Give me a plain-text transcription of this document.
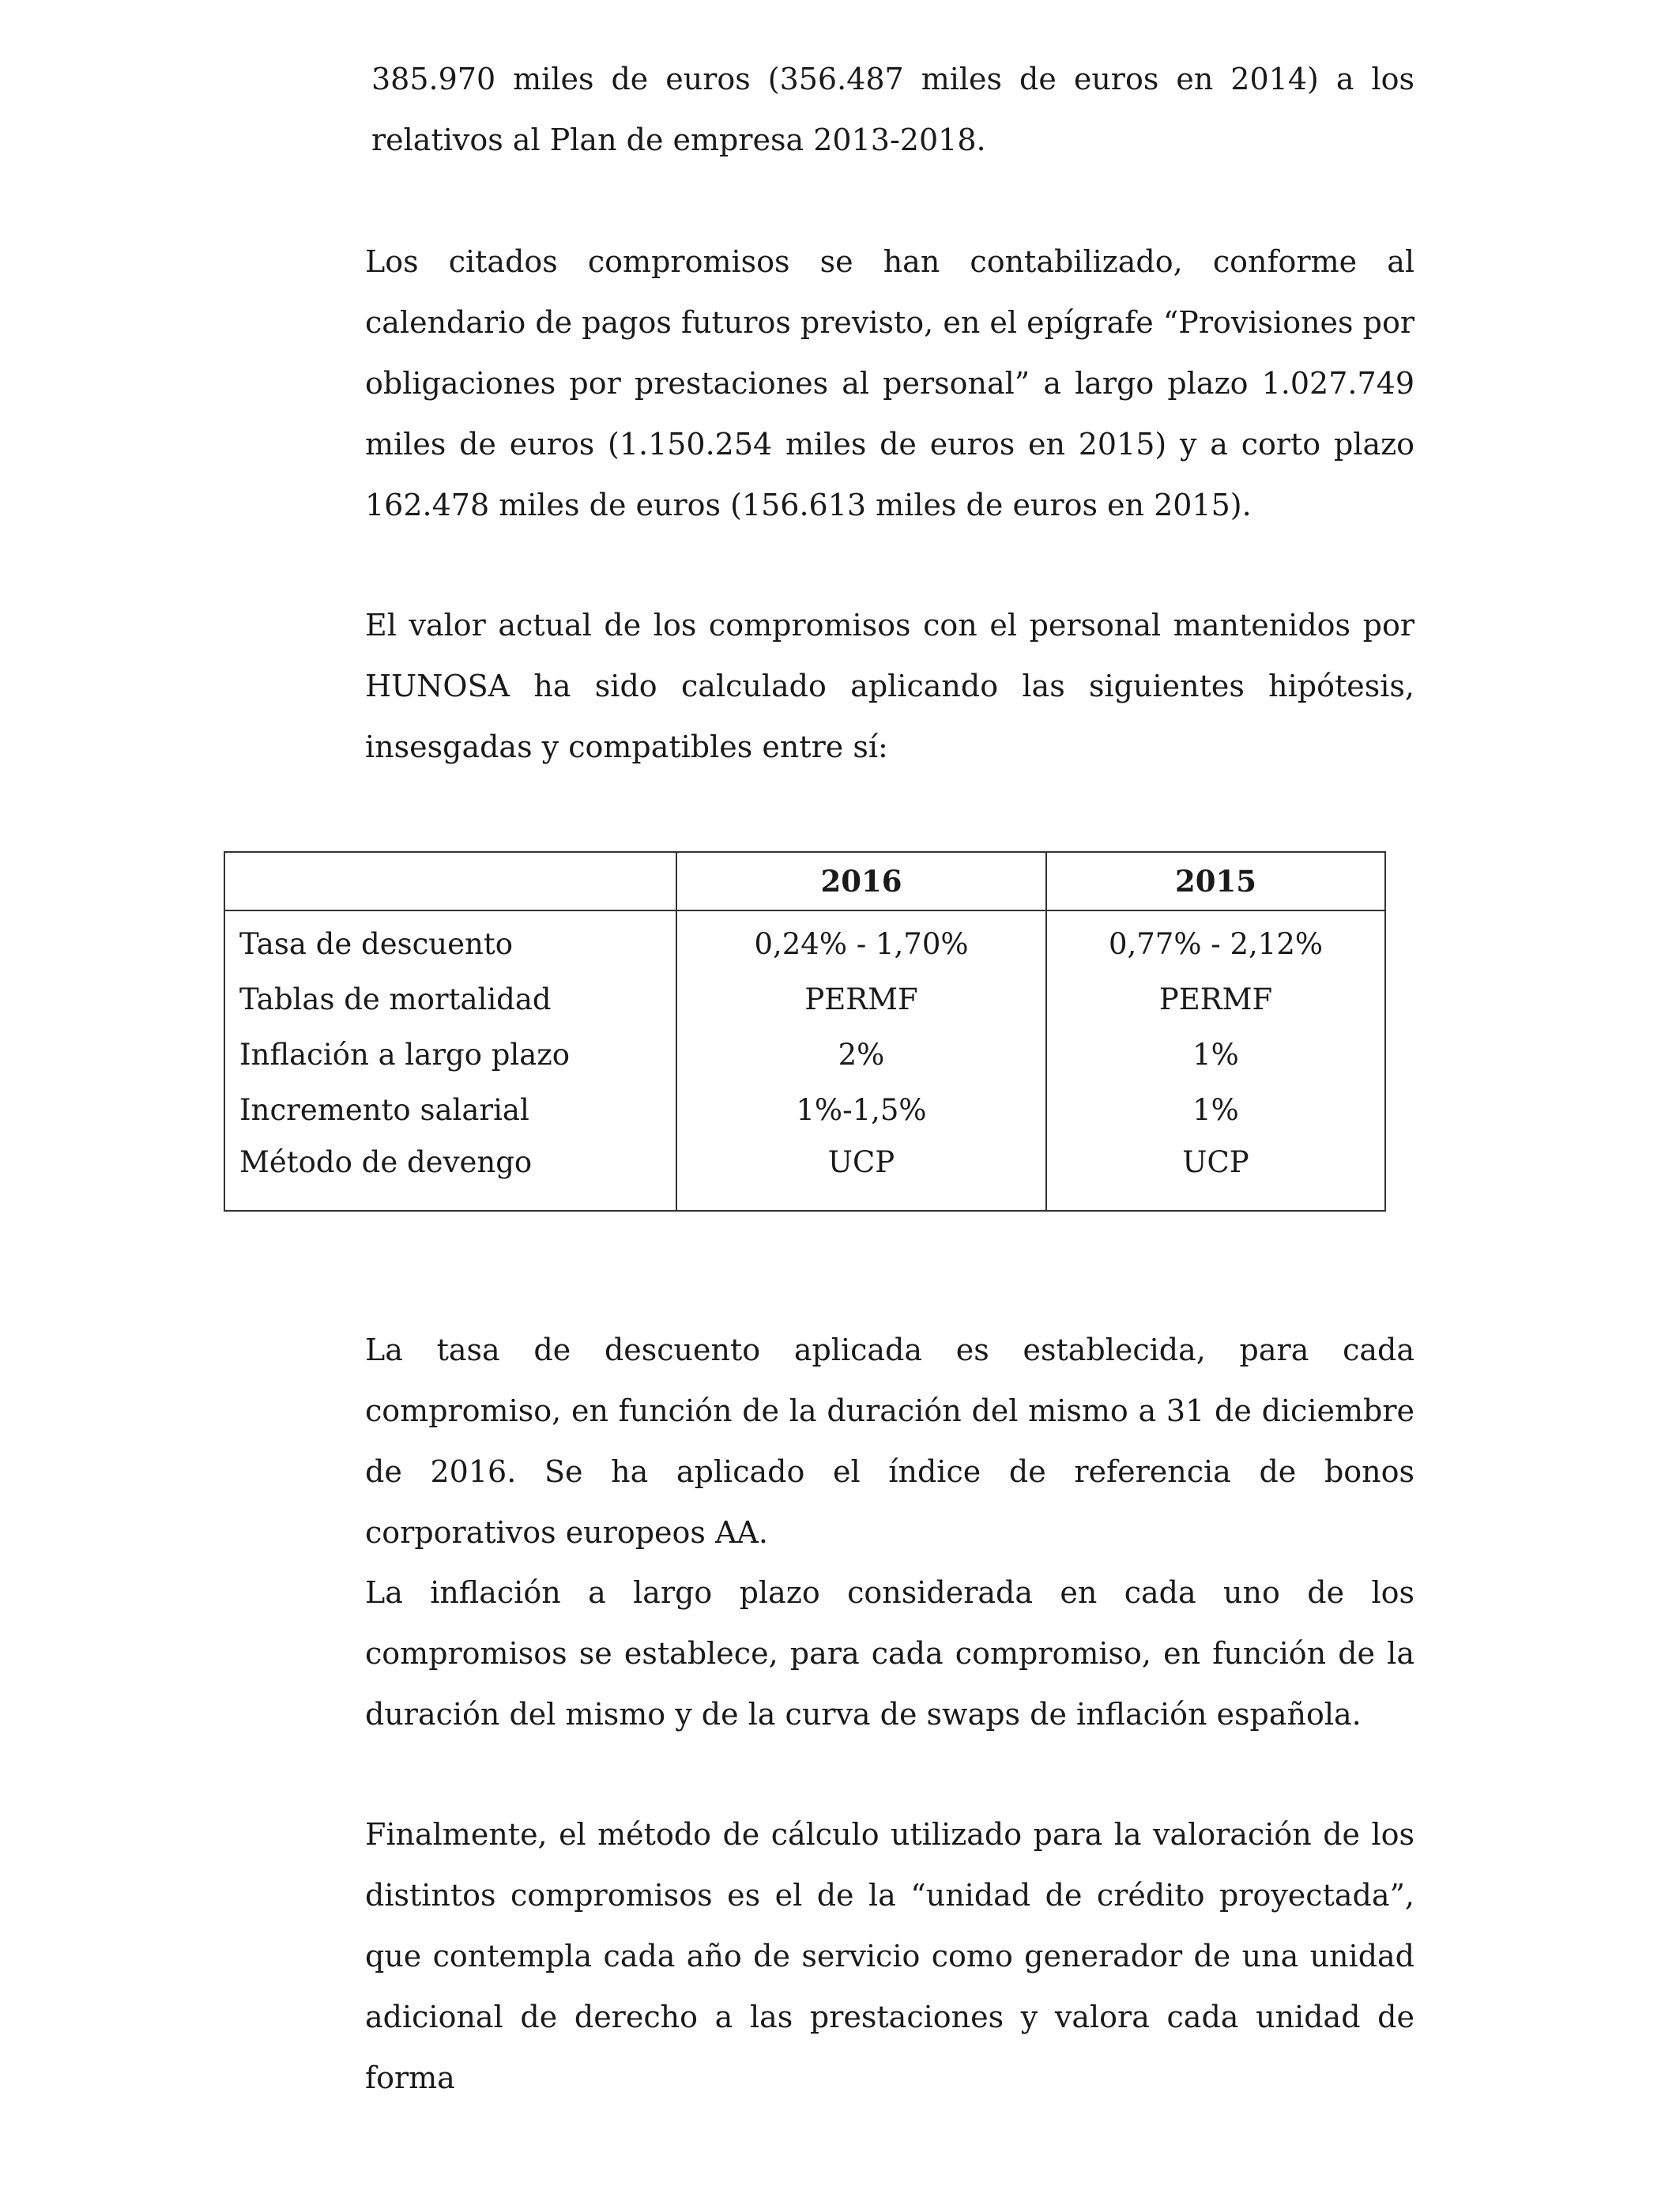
385.970 miles de euros (356.487 miles de euros en 2014) a los relativos al Plan de empresa 2013-2018.

Los citados compromisos se han contabilizado, conforme al calendario de pagos futuros previsto, en el epígrafe “Provisiones por obligaciones por prestaciones al personal” a largo plazo 1.027.749 miles de euros (1.150.254 miles de euros en 2015) y a corto plazo 162.478 miles de euros (156.613 miles de euros en 2015).

El valor actual de los compromisos con el personal mantenidos por HUNOSA ha sido calculado aplicando las siguientes hipótesis, insesgadas y compatibles entre sí:

	2016	2015
Tasa de descuento	0,24% - 1,70%	0,77% - 2,12%
Tablas de mortalidad	PERMF	PERMF
Inflación a largo plazo	2%	1%
Incremento salarial	1%-1,5%	1%
Método de devengo	UCP	UCP

La tasa de descuento aplicada es establecida, para cada compromiso, en función de la duración del mismo a 31 de diciembre de 2016. Se ha aplicado el índice de referencia de bonos corporativos europeos AA.

La inflación a largo plazo considerada en cada uno de los compromisos se establece, para cada compromiso, en función de la duración del mismo y de la curva de swaps de inflación española.

Finalmente, el método de cálculo utilizado para la valoración de los distintos compromisos es el de la “unidad de crédito proyectada”, que contempla cada año de servicio como generador de una unidad adicional de derecho a las prestaciones y valora cada unidad de forma
